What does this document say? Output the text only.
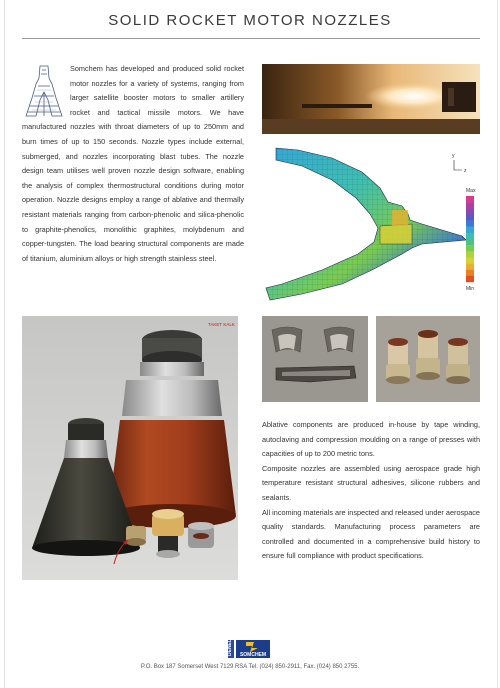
SOLID ROCKET MOTOR NOZZLES
Somchem has developed and produced solid rocket motor nozzles for a variety of systems, ranging from larger satellite booster motors to smaller artillery rocket and tactical missile motors. We have manufactured nozzles with throat diameters of up to 250mm and burn times of up to 150 seconds. Nozzle types include external, submerged, and nozzles incorporating blast tubes. The nozzle design team utilises well proven nozzle design software, enabling the analysis of complex thermostructural conditions during motor operation. Nozzle designs employ a range of ablative and thermally resistant materials ranging from carbon-phenolic and silica-phenolic to graphite-phenolics, monolithic graphites, molybdenum and copper-tungsten. The load bearing structural components are made of titanium, aluminium alloys or high strength stainless steel.
y
z
Max
Min
TAKET KALK

Ablative components are produced in-house by tape winding, autoclaving and compression moulding on a range of presses with capacities of up to 200 metric tons.

Composite nozzles are assembled using aerospace grade high temperature resistant structural adhesives, silicone rubbers and sealants.

All incoming materials are inspected and released under aerospace quality standards. Manufacturing process parameters are controlled and documented in a comprehensive build history to ensure full compliance with product specifications.

DENEL SOMCHEM
P.O. Box 187 Somerset West 7129 RSA Tel. (024) 850-2911, Fax. (024) 850 2755.
